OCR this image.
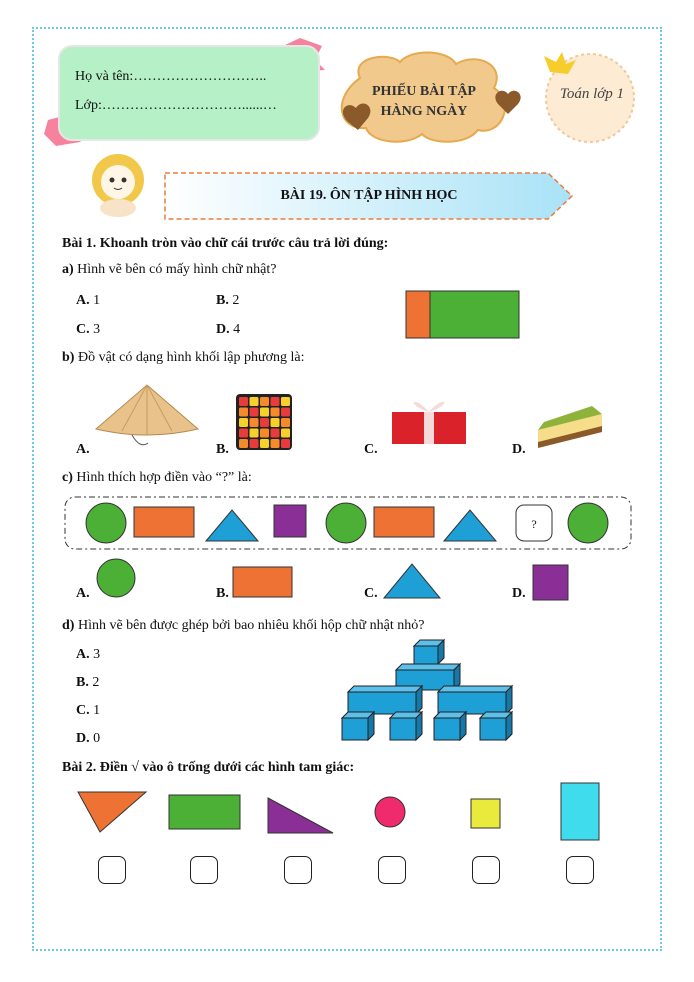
Họ và tên:………………………..
Lớp:…………………………......…
PHIẾU BÀI TẬP
HÀNG NGÀY
Toán lớp 1
BÀI 19. ÔN TẬP HÌNH HỌC
Bài 1. Khoanh tròn vào chữ cái trước câu trả lời đúng:
a) Hình vẽ bên có mấy hình chữ nhật?
A. 1	B. 2
C. 3	D. 4
b) Đồ vật có dạng hình khối lập phương là:
A.	B.	C.	D.
c) Hình thích hợp điền vào “?” là:
?
A.	B.	C.	D.
d) Hình vẽ bên được ghép bởi bao nhiêu khối hộp chữ nhật nhỏ?
A. 3
B. 2
C. 1
D. 0
Bài 2. Điền √ vào ô trống dưới các hình tam giác:
